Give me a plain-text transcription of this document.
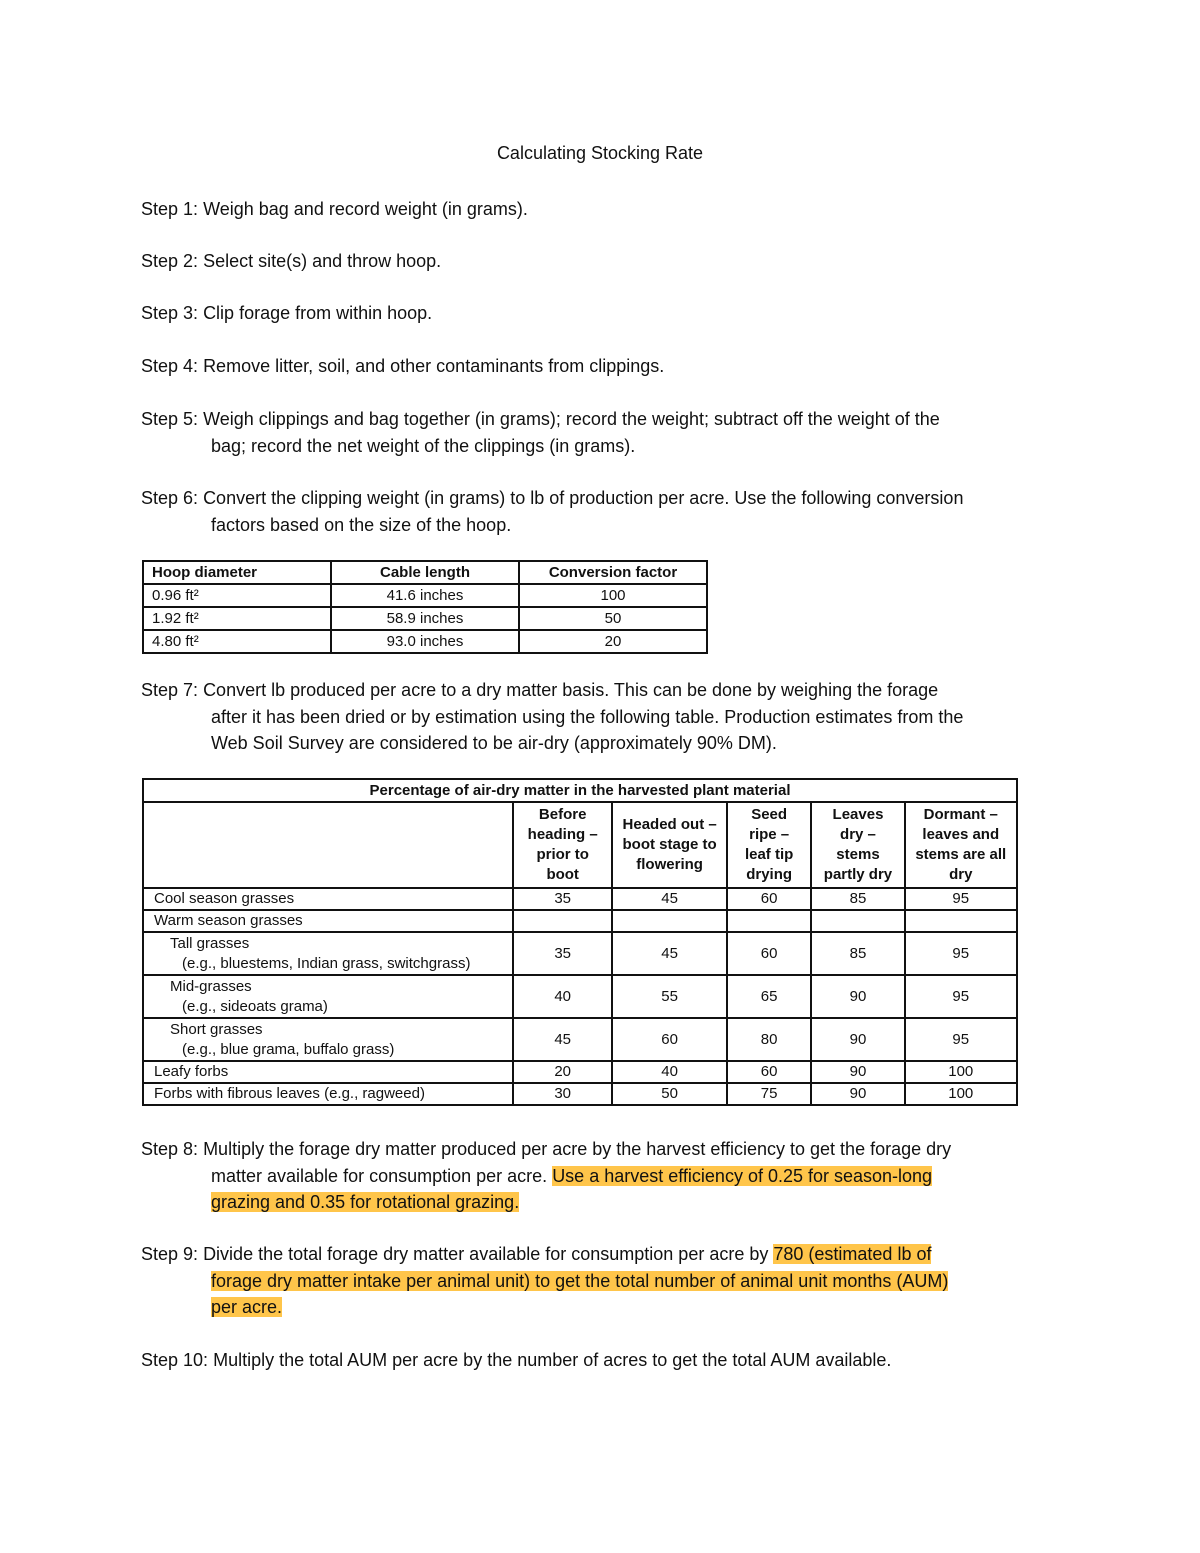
Calculating Stocking Rate
Step 1: Weigh bag and record weight (in grams).
Step 2: Select site(s) and throw hoop.
Step 3: Clip forage from within hoop.
Step 4: Remove litter, soil, and other contaminants from clippings.
Step 5: Weigh clippings and bag together (in grams); record the weight; subtract off the weight of the
bag; record the net weight of the clippings (in grams).
Step 6: Convert the clipping weight (in grams) to lb of production per acre. Use the following conversion
factors based on the size of the hoop.
Hoop diameter	Cable length	Conversion factor
0.96 ft²	41.6 inches	100
1.92 ft²	58.9 inches	50
4.80 ft²	93.0 inches	20
Step 7: Convert lb produced per acre to a dry matter basis. This can be done by weighing the forage
after it has been dried or by estimation using the following table. Production estimates from the
Web Soil Survey are considered to be air-dry (approximately 90% DM).
Percentage of air-dry matter in the harvested plant material					
	Before heading – prior to boot	Headed out – boot stage to flowering	Seed ripe – leaf tip drying	Leaves dry – stems partly dry	Dormant – leaves and stems are all dry
Cool season grasses	35	45	60	85	95
Warm season grasses					

Tall grasses
(e.g., bluestems, Indian grass, switchgrass)	35	45	60	85	95

Mid-grasses
(e.g., sideoats grama)	40	55	65	90	95

Short grasses
(e.g., blue grama, buffalo grass)	45	60	80	90	95
Leafy forbs	20	40	60	90	100
Forbs with fibrous leaves (e.g., ragweed)	30	50	75	90	100
Step 8: Multiply the forage dry matter produced per acre by the harvest efficiency to get the forage dry
matter available for consumption per acre. Use a harvest efficiency of 0.25 for season-long
grazing and 0.35 for rotational grazing.
Step 9: Divide the total forage dry matter available for consumption per acre by 780 (estimated lb of
forage dry matter intake per animal unit) to get the total number of animal unit months (AUM)
per acre.
Step 10: Multiply the total AUM per acre by the number of acres to get the total AUM available.
